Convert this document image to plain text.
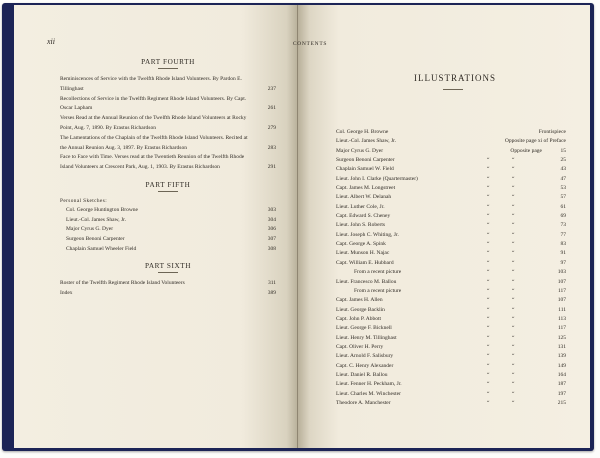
xii	CONTENTS
PART FOURTH
Reminiscences of Service with the Twelfth Rhode Island Volunteers. By Pardon E. Tillinghast	237
Recollections of Service in the Twelfth Regiment Rhode Island Volunteers. By Capt. Oscar Lapham	261
Verses Read at the Annual Reunion of the Twelfth Rhode Island Volunteers at Rocky Point, Aug. 7, 1890. By Erastus Richardson	279
The Lamentations of the Chaplain of the Twelfth Rhode Island Volunteers. Recited at the Annual Reunion Aug. 3, 1897. By Erastus Richardson	283
Face to Face with Time. Verses read at the Twentieth Reunion of the Twelfth Rhode Island Volunteers at Crescent Park, Aug. 1, 1903. By Erastus Richardson	291
PART FIFTH
Personal Sketches:
Col. George Huntington Browne	303
Lieut.-Col. James Shaw, Jr.	304
Major Cyrus G. Dyer	306
Surgeon Benoni Carpenter	307
Chaplain Samuel Wheeler Field	308
PART SIXTH
Roster of the Twelfth Regiment Rhode Island Volunteers	311
Index	389
ILLUSTRATIONS
Col. George H. Browne	Frontispiece
Lieut.-Col. James Shaw, Jr.	Opposite page xi of Preface
Major Cyrus G. Dyer	Opposite page	15
Surgeon Benoni Carpenter	“	“	25
Chaplain Samuel W. Field	“	“	43
Lieut. John I. Clarke (Quartermaster)	“	“	47
Capt. James M. Longstreet	“	“	53
Lieut. Albert W. Delanah	“	“	57
Lieut. Luther Cole, Jr.	“	“	61
Capt. Edward S. Cheney	“	“	69
Lieut. John S. Roberts	“	“	73
Lieut. Joseph C. Whiting, Jr.	“	“	77
Capt. George A. Spink	“	“	83
Lieut. Munson H. Najac	“	“	91
Capt. William E. Hubbard	“	“	97
From a recent picture	“	“	103
Lieut. Francesco M. Ballou	“	“	107
From a recent picture	“	“	117
Capt. James H. Allen	“	“	107
Lieut. George Backlin	“	“	111
Capt. John P. Abbott	“	“	113
Lieut. George F. Bicknell	“	“	117
Lieut. Henry M. Tillinghast	“	“	125
Capt. Oliver H. Perry	“	“	131
Lieut. Arnold F. Salisbury	“	“	139
Capt. C. Henry Alexander	“	“	149
Lieut. Daniel R. Ballou	“	“	164
Lieut. Fenner H. Peckham, Jr.	“	“	187
Lieut. Charles M. Winchester	“	“	197
Theodore A. Manchester	“	“	215
